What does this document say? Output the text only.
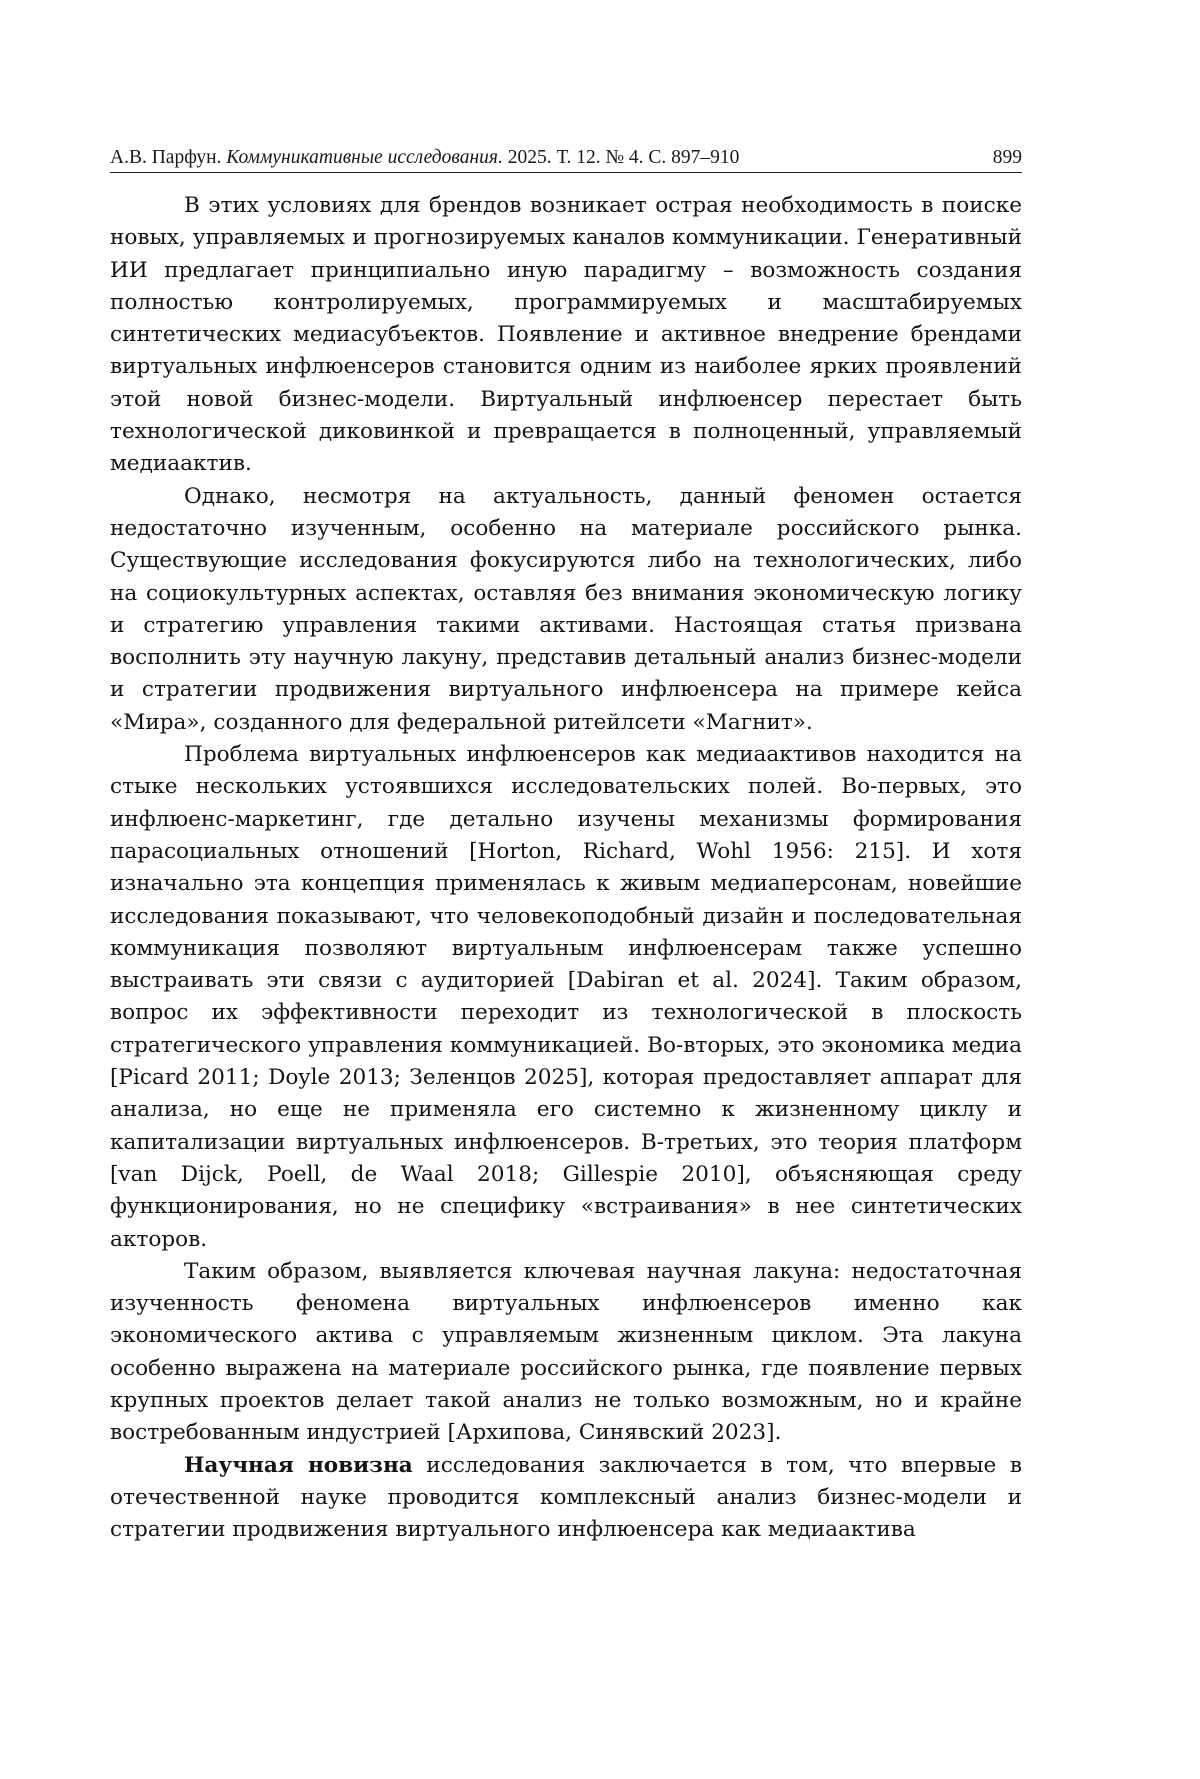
А.В. Парфун. Коммуникативные исследования. 2025. Т. 12. № 4. С. 897–910	899

В этих условиях для брендов возникает острая необходимость в поиске новых, управляемых и прогнозируемых каналов коммуникации. Генеративный ИИ предлагает принципиально иную парадигму – возможность создания полностью контролируемых, программируемых и масштабируемых синтетических медиасубъектов. Появление и активное внедрение брендами виртуальных инфлюенсеров становится одним из наиболее ярких проявлений этой новой бизнес-модели. Виртуальный инфлюенсер перестает быть технологической диковинкой и превращается в полноценный, управляемый медиаактив.

Однако, несмотря на актуальность, данный феномен остается недостаточно изученным, особенно на материале российского рынка. Существующие исследования фокусируются либо на технологических, либо на социокультурных аспектах, оставляя без внимания экономическую логику и стратегию управления такими активами. Настоящая статья призвана восполнить эту научную лакуну, представив детальный анализ бизнес-модели и стратегии продвижения виртуального инфлюенсера на примере кейса «Мира», созданного для федеральной ритейлсети «Магнит».

Проблема виртуальных инфлюенсеров как медиаактивов находится на стыке нескольких устоявшихся исследовательских полей. Во-первых, это инфлюенс-маркетинг, где детально изучены механизмы формирования парасоциальных отношений [Horton, Richard, Wohl 1956: 215]. И хотя изначально эта концепция применялась к живым медиаперсонам, новейшие исследования показывают, что человекоподобный дизайн и последовательная коммуникация позволяют виртуальным инфлюенсерам также успешно выстраивать эти связи с аудиторией [Dabiran et al. 2024]. Таким образом, вопрос их эффективности переходит из технологической в плоскость стратегического управления коммуникацией. Во-вторых, это экономика медиа [Picard 2011; Doyle 2013; Зеленцов 2025], которая предоставляет аппарат для анализа, но еще не применяла его системно к жизненному циклу и капитализации виртуальных инфлюенсеров. В-третьих, это теория платформ [van Dijck, Poell, de Waal 2018; Gillespie 2010], объясняющая среду функционирования, но не специфику «встраивания» в нее синтетических акторов.

Таким образом, выявляется ключевая научная лакуна: недостаточная изученность феномена виртуальных инфлюенсеров именно как экономического актива с управляемым жизненным циклом. Эта лакуна особенно выражена на материале российского рынка, где появление первых крупных проектов делает такой анализ не только возможным, но и крайне востребованным индустрией [Архипова, Синявский 2023].

Научная новизна исследования заключается в том, что впервые в отечественной науке проводится комплексный анализ бизнес-модели и стратегии продвижения виртуального инфлюенсера как медиаактива
